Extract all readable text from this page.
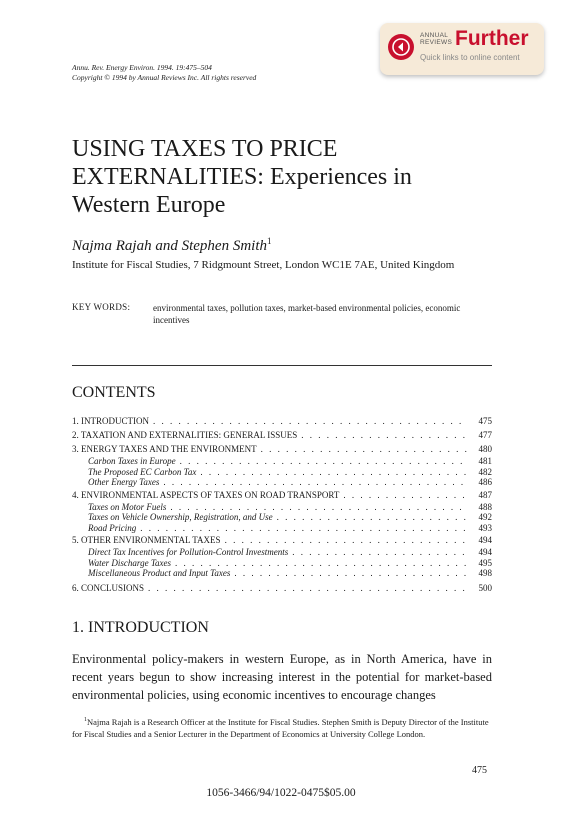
ANNUAL
REVIEWS Further
Quick links to online content
Annu. Rev. Energy Environ. 1994. 19:475–504
Copyright © 1994 by Annual Reviews Inc. All rights reserved
USING TAXES TO PRICE
EXTERNALITIES: Experiences in
Western Europe
Najma Rajah and Stephen Smith$^1$
Institute for Fiscal Studies, 7 Ridgmount Street, London WC1E 7AE, United Kingdom
KEY WORDS:	environmental taxes, pollution taxes, market-based environmental policies, economic incentives
CONTENTS
1. INTRODUCTION . . .	475
2. TAXATION AND EXTERNALITIES: GENERAL ISSUES . . .	477
3. ENERGY TAXES AND THE ENVIRONMENT . . .	480
Carbon Taxes in Europe . . .	481
The Proposed EC Carbon Tax . . .	482
Other Energy Taxes . . .	486
4. ENVIRONMENTAL ASPECTS OF TAXES ON ROAD TRANSPORT . . .	487
Taxes on Motor Fuels . . .	488
Taxes on Vehicle Ownership, Registration, and Use . . .	492
Road Pricing . . .	493
5. OTHER ENVIRONMENTAL TAXES . . .	494
Direct Tax Incentives for Pollution-Control Investments . . .	494
Water Discharge Taxes . . .	495
Miscellaneous Product and Input Taxes . . .	498
6. CONCLUSIONS . . .	500
1. INTRODUCTION
Environmental policy-makers in western Europe, as in North America, have in recent years begun to show increasing interest in the potential for market-based environmental policies, using economic incentives to encourage changes
$^1$Najma Rajah is a Research Officer at the Institute for Fiscal Studies. Stephen Smith is Deputy Director of the Institute for Fiscal Studies and a Senior Lecturer in the Department of Economics at University College London.
475
1056-3466/94/1022-0475$05.00
